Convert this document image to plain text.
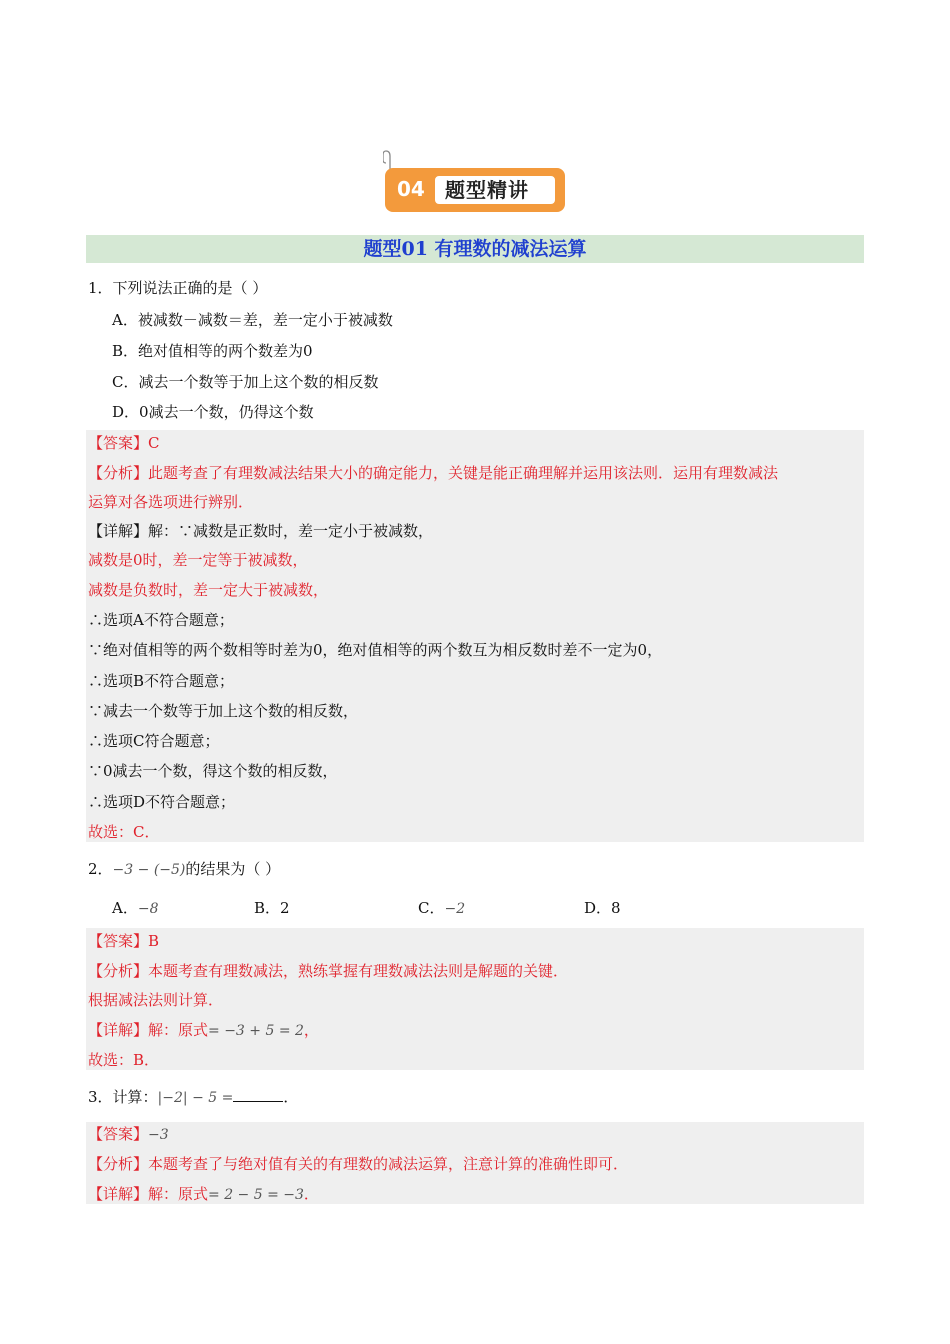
04	题型精讲
题型01 有理数的减法运算
1．下列说法正确的是（ ）
A．被减数－减数＝差，差一定小于被减数
B．绝对值相等的两个数差为0
C．减去一个数等于加上这个数的相反数
D．0减去一个数，仍得这个数
【答案】C
【分析】此题考查了有理数减法结果大小的确定能力，关键是能正确理解并运用该法则．运用有理数减法
运算对各选项进行辨别．
【详解】解：∵减数是正数时，差一定小于被减数，
减数是0时，差一定等于被减数，
减数是负数时，差一定大于被减数，
∴选项A不符合题意；
∵绝对值相等的两个数相等时差为0，绝对值相等的两个数互为相反数时差不一定为0，
∴选项B不符合题意；
∵减去一个数等于加上这个数的相反数，
∴选项C符合题意；
∵0减去一个数，得这个数的相反数，
∴选项D不符合题意；
故选：C．
2．−3 − (−5)的结果为（ ）
A．−8	B．2	C．−2	D．8
【答案】B
【分析】本题考查有理数减法，熟练掌握有理数减法法则是解题的关键．
根据减法法则计算．
【详解】解：原式= −3 + 5 = 2，
故选：B．
3．计算：|−2| − 5 =	．
【答案】−3
【分析】本题考查了与绝对值有关的有理数的减法运算，注意计算的准确性即可．
【详解】解：原式= 2 − 5 = −3．
